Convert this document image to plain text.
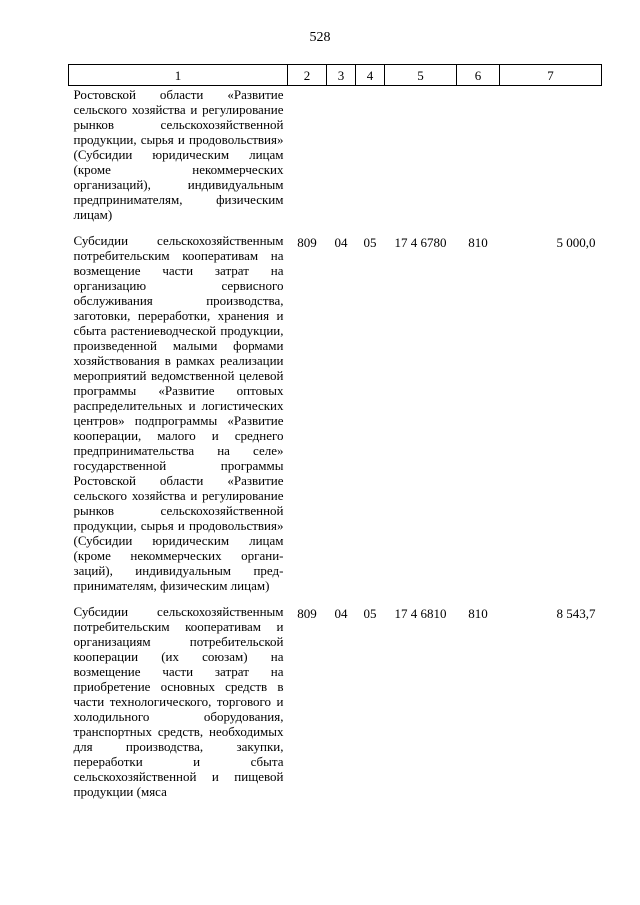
528
1	2	3	4	5	6	7
Ростовской области «Развитие сельского хозяйства и регулирование рынков сельскохозяйственной продукции, сырья и продовольствия» (Субсидии юридическим лицам (кроме некоммерческих организаций), индивидуальным предпринимателям, физическим лицам)						
Субсидии сельскохозяйственным потребительским кооперативам на возмещение части затрат на организацию сервисного обслуживания производства, заготовки, переработки, хранения и сбыта растениеводческой продукции, произведенной малыми формами хозяйствования в рамках реализации мероприятий ведомственной целевой программы «Развитие оптовых распределительных и логистических центров» подпрограммы «Развитие кооперации, малого и среднего предпринимательства на селе» государственной программы Ростовской области «Развитие сельского хозяйства и регулирование рынков сельскохозяйственной продукции, сырья и продовольствия» (Субсидии юридическим лицам (кроме некоммерческих организаций), индивидуальным предпринимателям, физическим лицам)	809	04	05	17 4 6780	810	5 000,0
Субсидии сельскохозяйственным потребительским кооперативам и организациям потребительской кооперации (их союзам) на возмещение части затрат на приобретение основных средств в части технологического, торгового и холодильного оборудования, транспортных средств, необходимых для производства, закупки, переработки и сбыта сельскохозяйственной и пищевой продукции (мяса	809	04	05	17 4 6810	810	8 543,7
